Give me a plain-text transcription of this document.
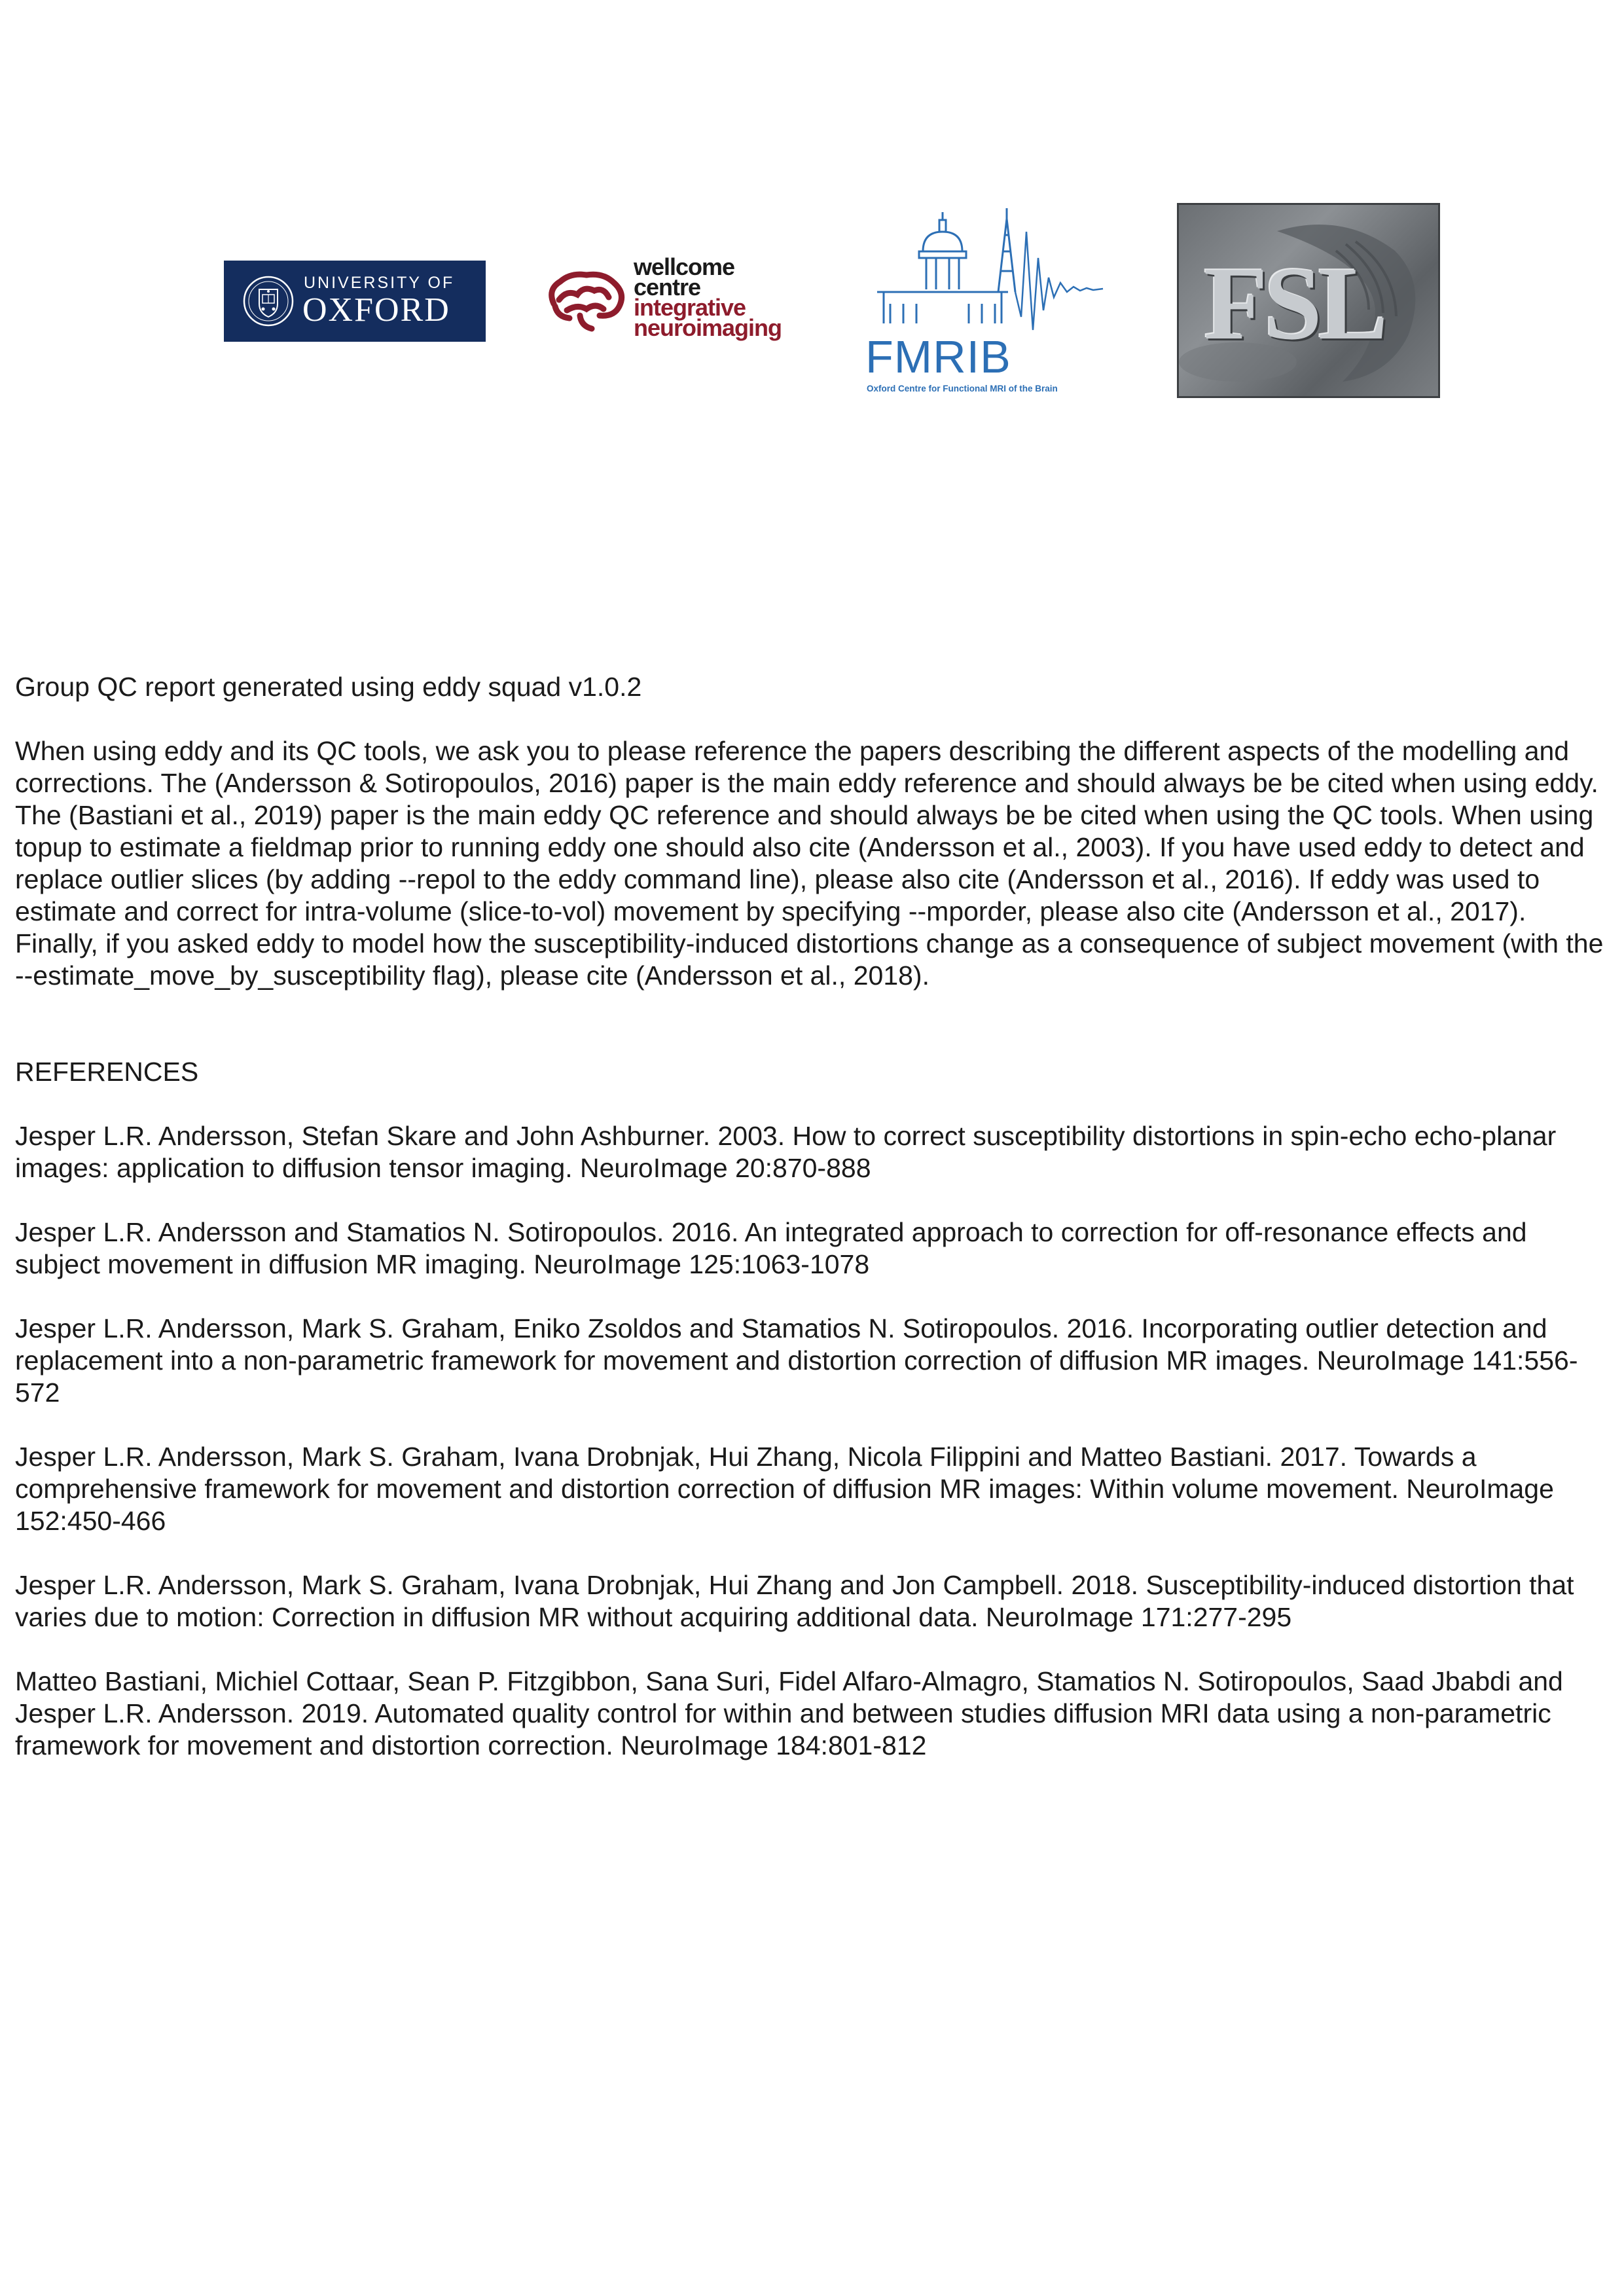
UNIVERSITY OF
OXFORD
wellcome
centre
integrative
neuroimaging
FMRIB
Oxford Centre for Functional MRI of the Brain
FSL

Group QC report generated using eddy squad v1.0.2

When using eddy and its QC tools, we ask you to please reference the papers describing the different aspects of the modelling and corrections. The (Andersson & Sotiropoulos, 2016) paper is the main eddy reference and should always be be cited when using eddy. The (Bastiani et al., 2019) paper is the main eddy QC reference and should always be be cited when using the QC tools. When using topup to estimate a fieldmap prior to running eddy one should also cite (Andersson et al., 2003). If you have used eddy to detect and replace outlier slices (by adding --repol to the eddy command line), please also cite (Andersson et al., 2016). If eddy was used to estimate and correct for intra-volume (slice-to-vol) movement by specifying --mporder, please also cite (Andersson et al., 2017). Finally, if you asked eddy to model how the susceptibility-induced distortions change as a consequence of subject movement (with the --estimate_move_by_susceptibility flag), please cite (Andersson et al., 2018).

REFERENCES

Jesper L.R. Andersson, Stefan Skare and John Ashburner. 2003. How to correct susceptibility distortions in spin-echo echo-planar images: application to diffusion tensor imaging. NeuroImage 20:870-888

Jesper L.R. Andersson and Stamatios N. Sotiropoulos. 2016. An integrated approach to correction for off-resonance effects and subject movement in diffusion MR imaging. NeuroImage 125:1063-1078

Jesper L.R. Andersson, Mark S. Graham, Eniko Zsoldos and Stamatios N. Sotiropoulos. 2016. Incorporating outlier detection and replacement into a non-parametric framework for movement and distortion correction of diffusion MR images. NeuroImage 141:556-572

Jesper L.R. Andersson, Mark S. Graham, Ivana Drobnjak, Hui Zhang, Nicola Filippini and Matteo Bastiani. 2017. Towards a comprehensive framework for movement and distortion correction of diffusion MR images: Within volume movement. NeuroImage 152:450-466

Jesper L.R. Andersson, Mark S. Graham, Ivana Drobnjak, Hui Zhang and Jon Campbell. 2018. Susceptibility-induced distortion that varies due to motion: Correction in diffusion MR without acquiring additional data. NeuroImage 171:277-295

Matteo Bastiani, Michiel Cottaar, Sean P. Fitzgibbon, Sana Suri, Fidel Alfaro-Almagro, Stamatios N. Sotiropoulos, Saad Jbabdi and Jesper L.R. Andersson. 2019. Automated quality control for within and between studies diffusion MRI data using a non-parametric framework for movement and distortion correction. NeuroImage 184:801-812
